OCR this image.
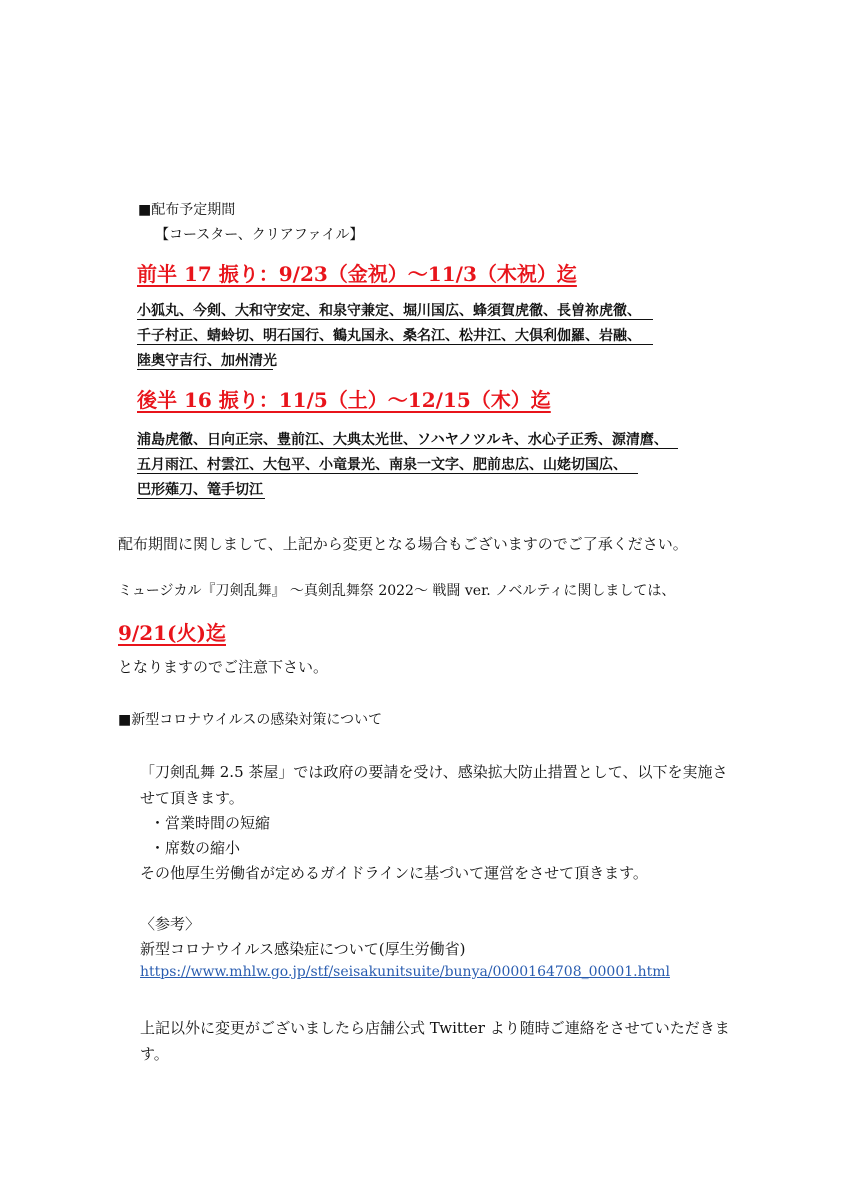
■配布予定期間
【コースター、クリアファイル】
前半 17 振り：9/23（金祝）～11/3（木祝）迄
小狐丸、今剣、大和守安定、和泉守兼定、堀川国広、蜂須賀虎徹、長曽祢虎徹、
千子村正、蜻蛉切、明石国行、鶴丸国永、桑名江、松井江、大倶利伽羅、岩融、
陸奥守吉行、加州清光
後半 16 振り：11/5（土）～12/15（木）迄
浦島虎徹、日向正宗、豊前江、大典太光世、ソハヤノツルキ、水心子正秀、源清麿、
五月雨江、村雲江、大包平、小竜景光、南泉一文字、肥前忠広、山姥切国広、
巴形薙刀、篭手切江
配布期間に関しまして、上記から変更となる場合もございますのでご了承ください。
ミュージカル『刀剣乱舞』 ～真剣乱舞祭 2022～ 戦闘 ver. ノベルティに関しましては、
9/21(火)迄
となりますのでご注意下さい。
■新型コロナウイルスの感染対策について
「刀剣乱舞 2.5 茶屋」では政府の要請を受け、感染拡大防止措置として、以下を実施さ
せて頂きます。
・営業時間の短縮
・席数の縮小
その他厚生労働省が定めるガイドラインに基づいて運営をさせて頂きます。
〈参考〉
新型コロナウイルス感染症について(厚生労働省)
https://www.mhlw.go.jp/stf/seisakunitsuite/bunya/0000164708_00001.html
上記以外に変更がございましたら店舗公式 Twitter より随時ご連絡をさせていただきま
す。
